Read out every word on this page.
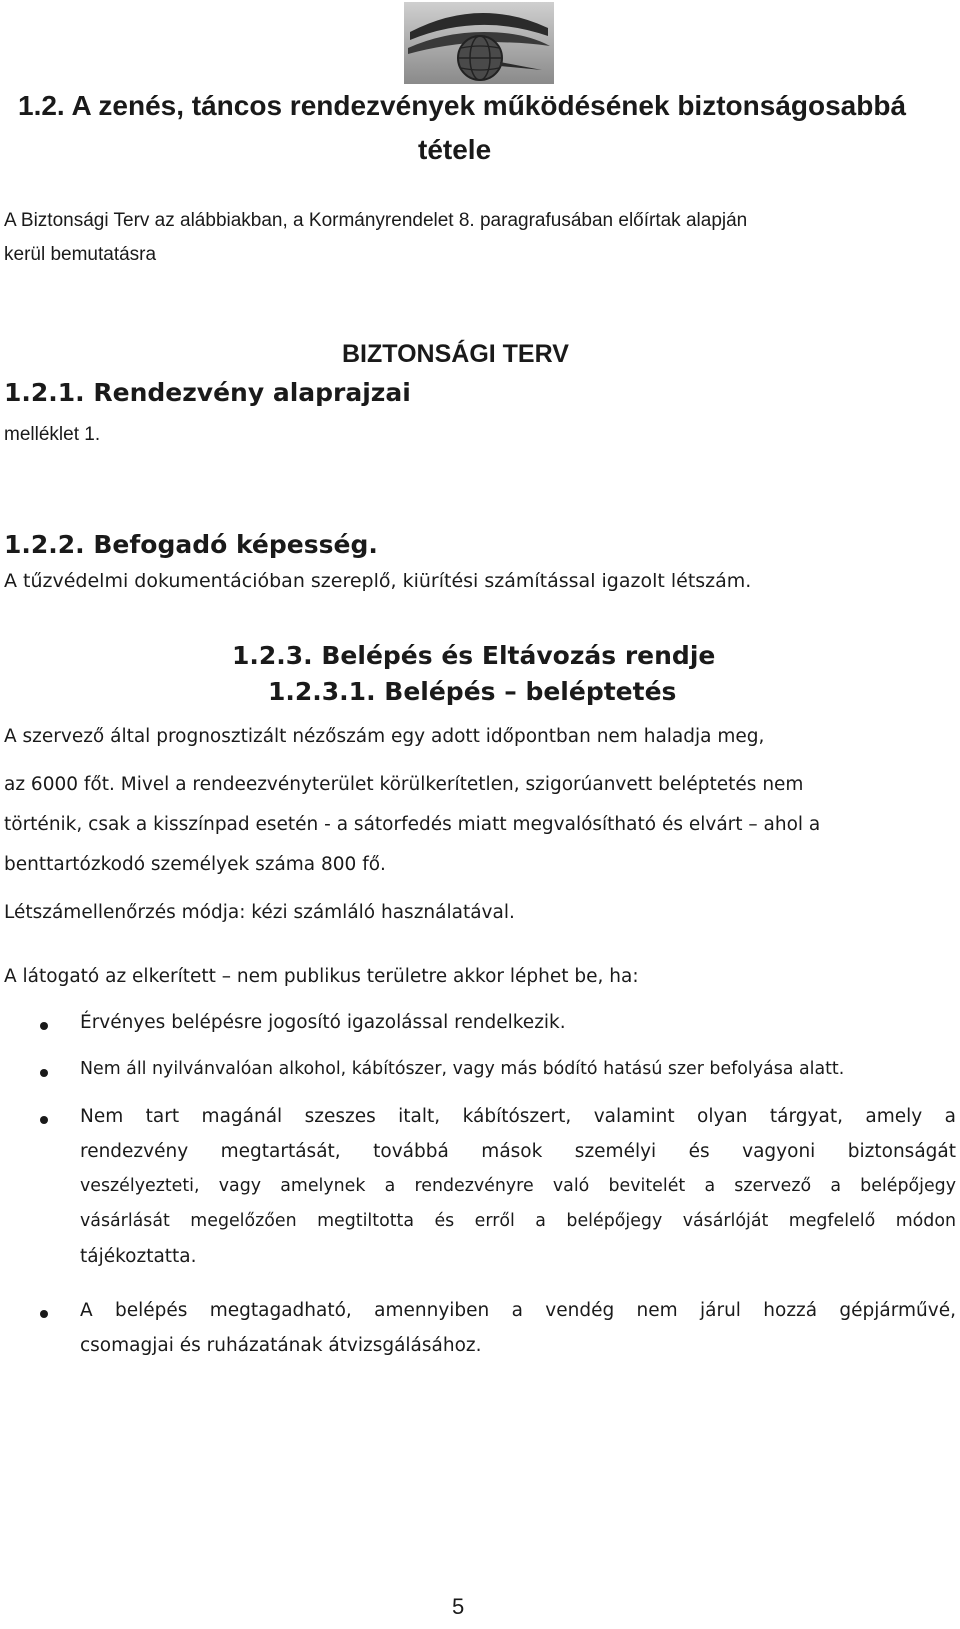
1.2. A zenés, táncos rendezvények működésének biztonságosabbá
tétele
A Biztonsági Terv az alábbiakban, a Kormányrendelet 8. paragrafusában előírtak alapján
kerül bemutatásra
BIZTONSÁGI TERV
1.2.1. Rendezvény alaprajzai
melléklet 1.
1.2.2. Befogadó képesség.
A tűzvédelmi dokumentációban szereplő, kiürítési számítással igazolt létszám.
1.2.3. Belépés és Eltávozás rendje
1.2.3.1. Belépés – beléptetés
A szervező által prognosztizált nézőszám egy adott időpontban nem haladja meg,
az 6000 főt. Mivel a rendeezvényterület körülkerítetlen, szigorúanvett beléptetés nem
történik, csak a kisszínpad esetén - a sátorfedés miatt megvalósítható és elvárt – ahol a
benttartózkodó személyek száma 800 fő.
Létszámellenőrzés módja: kézi számláló használatával.
A látogató az elkerített – nem publikus területre akkor léphet be, ha:
Érvényes belépésre jogosító igazolással rendelkezik.
Nem áll nyilvánvalóan alkohol, kábítószer, vagy más bódító hatású szer befolyása alatt.
Nem tart magánál szeszes italt, kábítószert, valamint olyan tárgyat, amely a
rendezvény megtartását, továbbá mások személyi és vagyoni biztonságát
veszélyezteti, vagy amelynek a rendezvényre való bevitelét a szervező a belépőjegy
vásárlását megelőzően megtiltotta és erről a belépőjegy vásárlóját megfelelő módon
tájékoztatta.
A belépés megtagadható, amennyiben a vendég nem járul hozzá gépjárművé,
csomagjai és ruházatának átvizsgálásához.
5
